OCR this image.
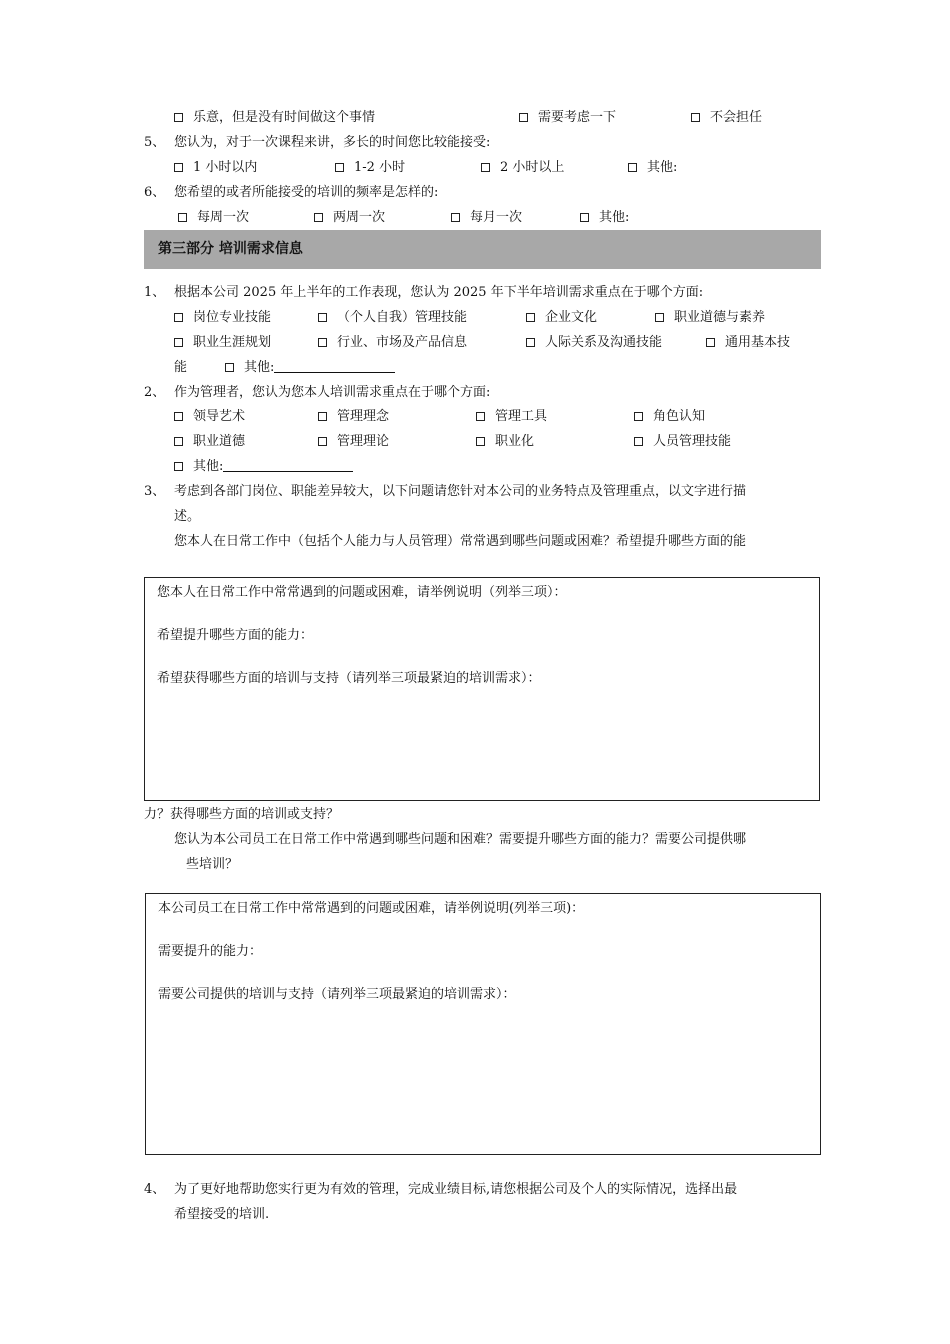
乐意，但是没有时间做这个事情	需要考虑一下	不会担任
5、 您认为，对于一次课程来讲，多长的时间您比较能接受:
1 小时以内	1-2 小时	2 小时以上	其他:
6、 您希望的或者所能接受的培训的频率是怎样的:
每周一次	两周一次	每月一次	其他:
第三部分 培训需求信息
1、 根据本公司 2025 年上半年的工作表现，您认为 2025 年下半年培训需求重点在于哪个方面:
岗位专业技能	（个人自我）管理技能	企业文化	职业道德与素养
职业生涯规划	行业、市场及产品信息	人际关系及沟通技能	通用基本技
能	其他:
2、 作为管理者，您认为您本人培训需求重点在于哪个方面:
领导艺术	管理理念	管理工具	角色认知
职业道德	管理理论	职业化	人员管理技能
其他:
3、 考虑到各部门岗位、职能差异较大，以下问题请您针对本公司的业务特点及管理重点，以文字进行描
述。
您本人在日常工作中（包括个人能力与人员管理）常常遇到哪些问题或困难？希望提升哪些方面的能
您本人在日常工作中常常遇到的问题或困难，请举例说明（列举三项）：
希望提升哪些方面的能力：
希望获得哪些方面的培训与支持（请列举三项最紧迫的培训需求）：
力？获得哪些方面的培训或支持？
您认为本公司员工在日常工作中常遇到哪些问题和困难？需要提升哪些方面的能力？需要公司提供哪
些培训？
本公司员工在日常工作中常常遇到的问题或困难，请举例说明(列举三项)：
需要提升的能力：
需要公司提供的培训与支持（请列举三项最紧迫的培训需求）：
4、 为了更好地帮助您实行更为有效的管理，完成业绩目标,请您根据公司及个人的实际情况，选择出最
希望接受的培训.
